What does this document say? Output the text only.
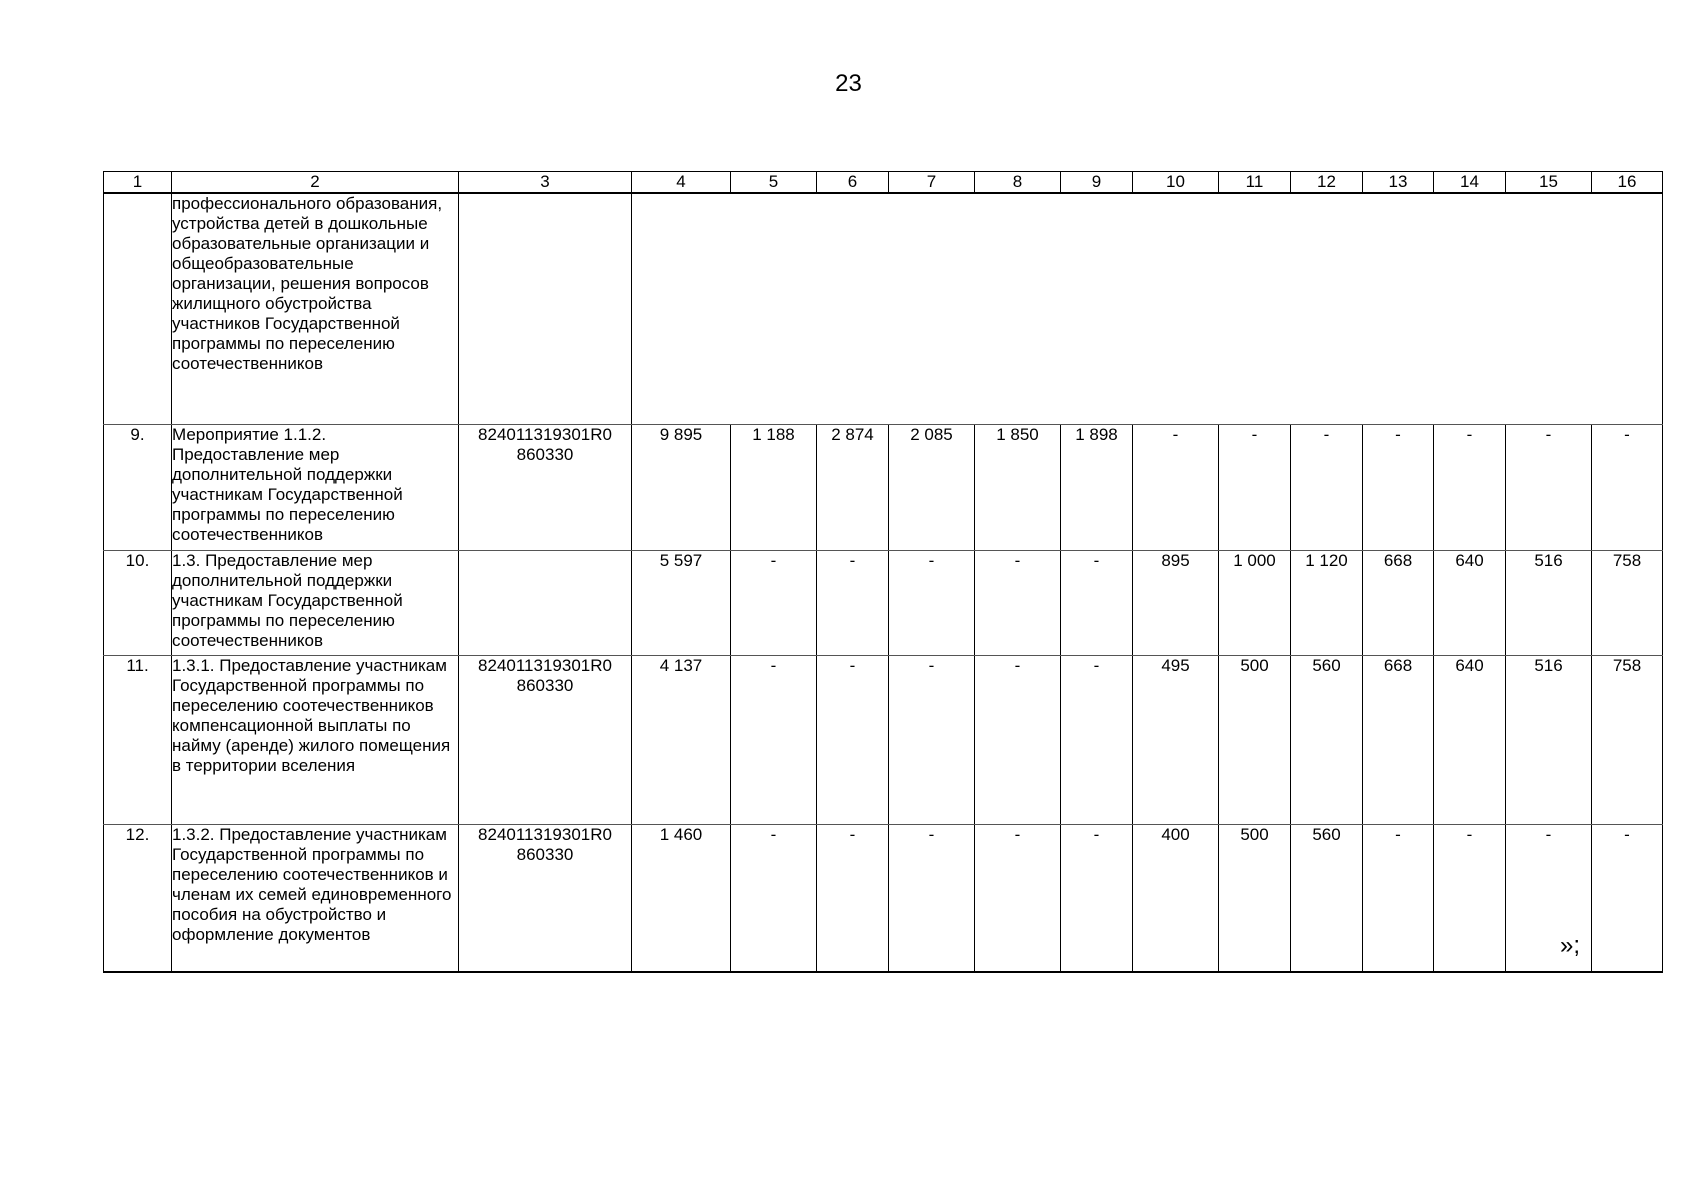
23
1	2	3	4	5	6	7	8	9	10	11	12	13	14	15	16
	профессионального образования, устройства детей в дошкольные образовательные организации и общеобразовательные организации, решения вопросов жилищного обустройства участников Государственной программы по переселению соотечественников														
9.	Мероприятие 1.1.2. Предоставление мер дополнительной поддержки участникам Государственной программы по переселению соотечественников	824011319301R0 860330	9 895	1 188	2 874	2 085	1 850	1 898	-	-	-	-	-	-	-
10.	1.3. Предоставление мер дополнительной поддержки участникам Государственной программы по переселению соотечественников		5 597	-	-	-	-	-	895	1 000	1 120	668	640	516	758
11.	1.3.1. Предоставление участникам Государственной программы по переселению соотечественников компенсационной выплаты по найму (аренде) жилого помещения в территории вселения	824011319301R0 860330	4 137	-	-	-	-	-	495	500	560	668	640	516	758
12.	1.3.2. Предоставление участникам Государственной программы по переселению соотечественников и членам их семей единовременного пособия на обустройство и оформление документов	824011319301R0 860330	1 460	-	-	-	-	-	400	500	560	-	-	-	-
»;
